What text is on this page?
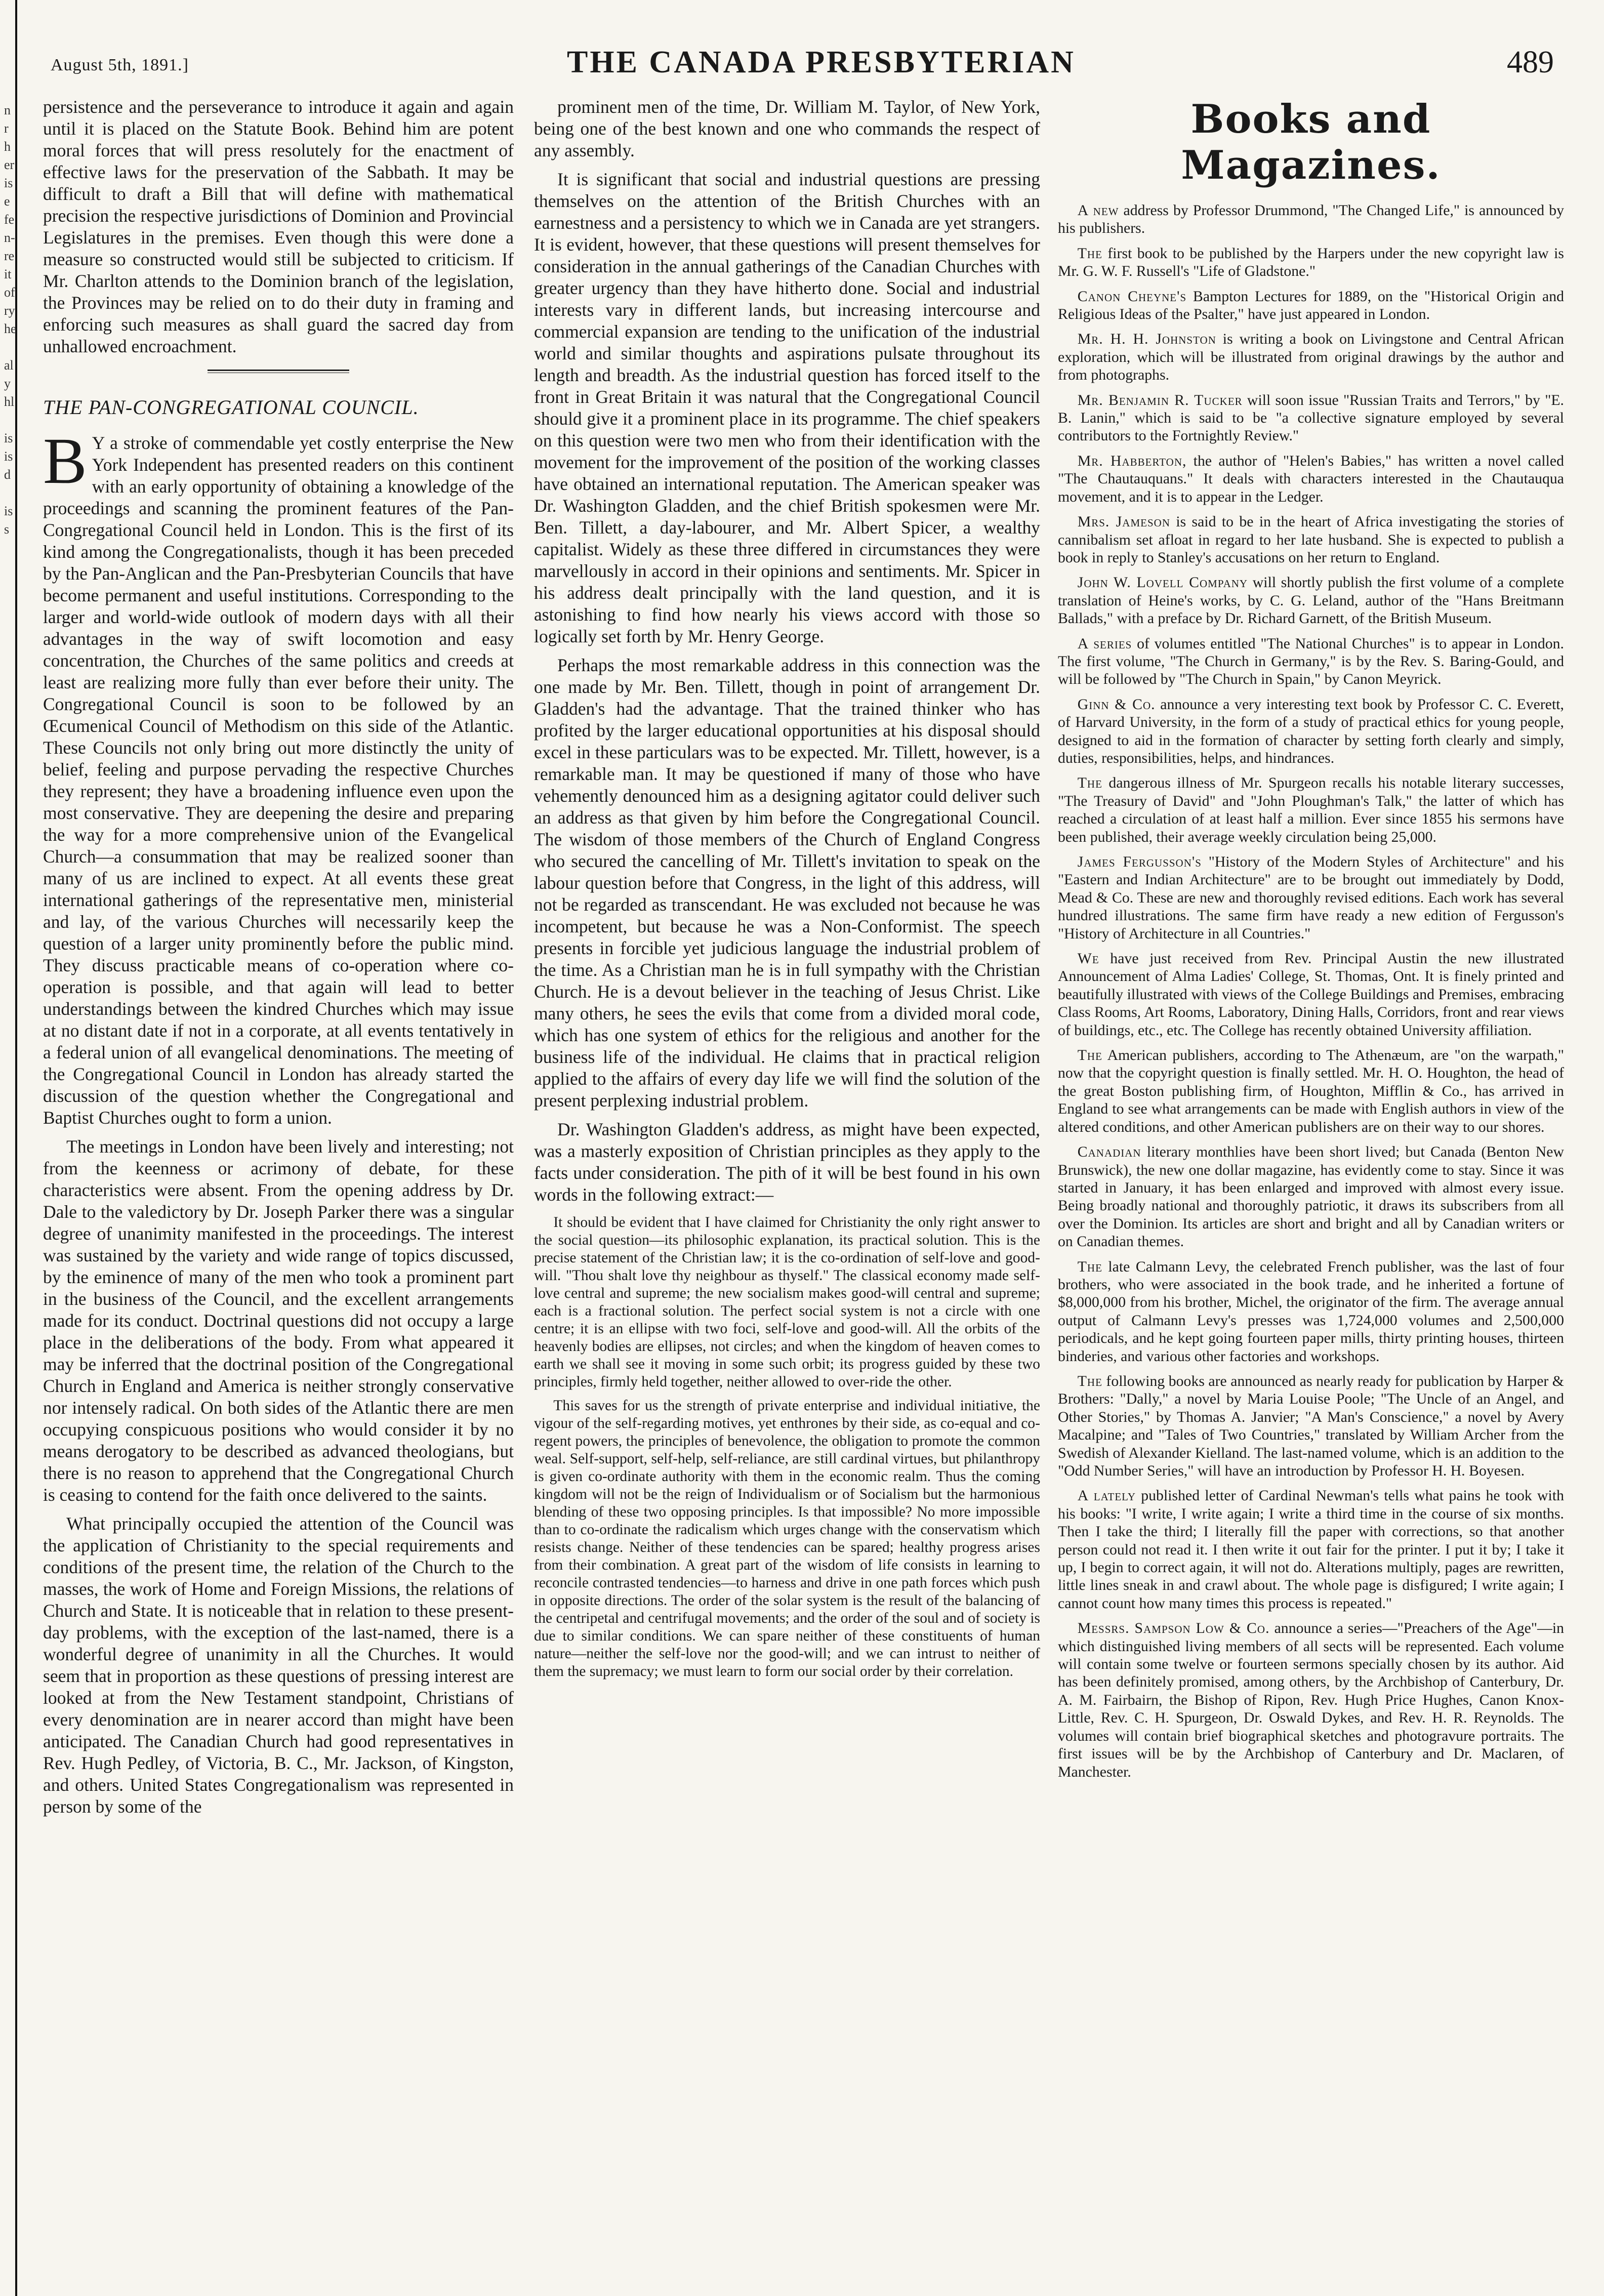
n
r
h
er
is
e
fe
n-
re
it
of
ry
he

al
y
hl

is
is
d

is
s
August 5th, 1891.]	THE CANADA PRESBYTERIAN	489

persistence and the perseverance to introduce it again and again until it is placed on the Statute Book. Behind him are potent moral forces that will press resolutely for the enactment of effective laws for the preservation of the Sabbath. It may be difficult to draft a Bill that will define with mathematical precision the respective jurisdictions of Dominion and Provincial Legislatures in the premises. Even though this were done a measure so constructed would still be subjected to criticism. If Mr. Charlton attends to the Dominion branch of the legislation, the Provinces may be relied on to do their duty in framing and enforcing such measures as shall guard the sacred day from unhallowed encroachment.

THE PAN-CONGREGATIONAL COUNCIL.

B Y a stroke of commendable yet costly enterprise the New York Independent has presented readers on this continent with an early opportunity of obtaining a knowledge of the proceedings and scanning the prominent features of the Pan-Congregational Council held in London. This is the first of its kind among the Congregationalists, though it has been preceded by the Pan-Anglican and the Pan-Presbyterian Councils that have become permanent and useful institutions. Corresponding to the larger and world-wide outlook of modern days with all their advantages in the way of swift locomotion and easy concentration, the Churches of the same politics and creeds at least are realizing more fully than ever before their unity. The Congregational Council is soon to be followed by an Œcumenical Council of Methodism on this side of the Atlantic. These Councils not only bring out more distinctly the unity of belief, feeling and purpose pervading the respective Churches they represent; they have a broadening influence even upon the most conservative. They are deepening the desire and preparing the way for a more comprehensive union of the Evangelical Church—a consummation that may be realized sooner than many of us are inclined to expect. At all events these great international gatherings of the representative men, ministerial and lay, of the various Churches will necessarily keep the question of a larger unity prominently before the public mind. They discuss practicable means of co-operation where co-operation is possible, and that again will lead to better understandings between the kindred Churches which may issue at no distant date if not in a corporate, at all events tentatively in a federal union of all evangelical denominations. The meeting of the Congregational Council in London has already started the discussion of the question whether the Congregational and Baptist Churches ought to form a union.

The meetings in London have been lively and interesting; not from the keenness or acrimony of debate, for these characteristics were absent. From the opening address by Dr. Dale to the valedictory by Dr. Joseph Parker there was a singular degree of unanimity manifested in the proceedings. The interest was sustained by the variety and wide range of topics discussed, by the eminence of many of the men who took a prominent part in the business of the Council, and the excellent arrangements made for its conduct. Doctrinal questions did not occupy a large place in the deliberations of the body. From what appeared it may be inferred that the doctrinal position of the Congregational Church in England and America is neither strongly conservative nor intensely radical. On both sides of the Atlantic there are men occupying conspicuous positions who would consider it by no means derogatory to be described as advanced theologians, but there is no reason to apprehend that the Congregational Church is ceasing to contend for the faith once delivered to the saints.

What principally occupied the attention of the Council was the application of Christianity to the special requirements and conditions of the present time, the relation of the Church to the masses, the work of Home and Foreign Missions, the relations of Church and State. It is noticeable that in relation to these present-day problems, with the exception of the last-named, there is a wonderful degree of unanimity in all the Churches. It would seem that in proportion as these questions of pressing interest are looked at from the New Testament standpoint, Christians of every denomination are in nearer accord than might have been anticipated. The Canadian Church had good representatives in Rev. Hugh Pedley, of Victoria, B. C., Mr. Jackson, of Kingston, and others. United States Congregationalism was represented in person by some of the

prominent men of the time, Dr. William M. Taylor, of New York, being one of the best known and one who commands the respect of any assembly.

It is significant that social and industrial questions are pressing themselves on the attention of the British Churches with an earnestness and a persistency to which we in Canada are yet strangers. It is evident, however, that these questions will present themselves for consideration in the annual gatherings of the Canadian Churches with greater urgency than they have hitherto done. Social and industrial interests vary in different lands, but increasing intercourse and commercial expansion are tending to the unification of the industrial world and similar thoughts and aspirations pulsate throughout its length and breadth. As the industrial question has forced itself to the front in Great Britain it was natural that the Congregational Council should give it a prominent place in its programme. The chief speakers on this question were two men who from their identification with the movement for the improvement of the position of the working classes have obtained an international reputation. The American speaker was Dr. Washington Gladden, and the chief British spokesmen were Mr. Ben. Tillett, a day-labourer, and Mr. Albert Spicer, a wealthy capitalist. Widely as these three differed in circumstances they were marvellously in accord in their opinions and sentiments. Mr. Spicer in his address dealt principally with the land question, and it is astonishing to find how nearly his views accord with those so logically set forth by Mr. Henry George.

Perhaps the most remarkable address in this connection was the one made by Mr. Ben. Tillett, though in point of arrangement Dr. Gladden's had the advantage. That the trained thinker who has profited by the larger educational opportunities at his disposal should excel in these particulars was to be expected. Mr. Tillett, however, is a remarkable man. It may be questioned if many of those who have vehemently denounced him as a designing agitator could deliver such an address as that given by him before the Congregational Council. The wisdom of those members of the Church of England Congress who secured the cancelling of Mr. Tillett's invitation to speak on the labour question before that Congress, in the light of this address, will not be regarded as transcendant. He was excluded not because he was incompetent, but because he was a Non-Conformist. The speech presents in forcible yet judicious language the industrial problem of the time. As a Christian man he is in full sympathy with the Christian Church. He is a devout believer in the teaching of Jesus Christ. Like many others, he sees the evils that come from a divided moral code, which has one system of ethics for the religious and another for the business life of the individual. He claims that in practical religion applied to the affairs of every day life we will find the solution of the present perplexing industrial problem.

Dr. Washington Gladden's address, as might have been expected, was a masterly exposition of Christian principles as they apply to the facts under consideration. The pith of it will be best found in his own words in the following extract:—

It should be evident that I have claimed for Christianity the only right answer to the social question—its philosophic explanation, its practical solution. This is the precise statement of the Christian law; it is the co-ordination of self-love and good-will. "Thou shalt love thy neighbour as thyself." The classical economy made self-love central and supreme; the new socialism makes good-will central and supreme; each is a fractional solution. The perfect social system is not a circle with one centre; it is an ellipse with two foci, self-love and good-will. All the orbits of the heavenly bodies are ellipses, not circles; and when the kingdom of heaven comes to earth we shall see it moving in some such orbit; its progress guided by these two principles, firmly held together, neither allowed to over-ride the other.

This saves for us the strength of private enterprise and individual initiative, the vigour of the self-regarding motives, yet enthrones by their side, as co-equal and co-regent powers, the principles of benevolence, the obligation to promote the common weal. Self-support, self-help, self-reliance, are still cardinal virtues, but philanthropy is given co-ordinate authority with them in the economic realm. Thus the coming kingdom will not be the reign of Individualism or of Socialism but the harmonious blending of these two opposing principles. Is that impossible? No more impossible than to co-ordinate the radicalism which urges change with the conservatism which resists change. Neither of these tendencies can be spared; healthy progress arises from their combination. A great part of the wisdom of life consists in learning to reconcile contrasted tendencies—to harness and drive in one path forces which push in opposite directions. The order of the solar system is the result of the balancing of the centripetal and centrifugal movements; and the order of the soul and of society is due to similar conditions. We can spare neither of these constituents of human nature—neither the self-love nor the good-will; and we can intrust to neither of them the supremacy; we must learn to form our social order by their correlation.

Books and Magazines.

A new address by Professor Drummond, "The Changed Life," is announced by his publishers.

The first book to be published by the Harpers under the new copyright law is Mr. G. W. F. Russell's "Life of Gladstone."

Canon Cheyne's Bampton Lectures for 1889, on the "Historical Origin and Religious Ideas of the Psalter," have just appeared in London.

Mr. H. H. Johnston is writing a book on Livingstone and Central African exploration, which will be illustrated from original drawings by the author and from photographs.

Mr. Benjamin R. Tucker will soon issue "Russian Traits and Terrors," by "E. B. Lanin," which is said to be "a collective signature employed by several contributors to the Fortnightly Review."

Mr. Habberton, the author of "Helen's Babies," has written a novel called "The Chautauquans." It deals with characters interested in the Chautauqua movement, and it is to appear in the Ledger.

Mrs. Jameson is said to be in the heart of Africa investigating the stories of cannibalism set afloat in regard to her late husband. She is expected to publish a book in reply to Stanley's accusations on her return to England.

John W. Lovell Company will shortly publish the first volume of a complete translation of Heine's works, by C. G. Leland, author of the "Hans Breitmann Ballads," with a preface by Dr. Richard Garnett, of the British Museum.

A series of volumes entitled "The National Churches" is to appear in London. The first volume, "The Church in Germany," is by the Rev. S. Baring-Gould, and will be followed by "The Church in Spain," by Canon Meyrick.

Ginn & Co. announce a very interesting text book by Professor C. C. Everett, of Harvard University, in the form of a study of practical ethics for young people, designed to aid in the formation of character by setting forth clearly and simply, duties, responsibilities, helps, and hindrances.

The dangerous illness of Mr. Spurgeon recalls his notable literary successes, "The Treasury of David" and "John Ploughman's Talk," the latter of which has reached a circulation of at least half a million. Ever since 1855 his sermons have been published, their average weekly circulation being 25,000.

James Fergusson's "History of the Modern Styles of Architecture" and his "Eastern and Indian Architecture" are to be brought out immediately by Dodd, Mead & Co. These are new and thoroughly revised editions. Each work has several hundred illustrations. The same firm have ready a new edition of Fergusson's "History of Architecture in all Countries."

We have just received from Rev. Principal Austin the new illustrated Announcement of Alma Ladies' College, St. Thomas, Ont. It is finely printed and beautifully illustrated with views of the College Buildings and Premises, embracing Class Rooms, Art Rooms, Laboratory, Dining Halls, Corridors, front and rear views of buildings, etc., etc. The College has recently obtained University affiliation.

The American publishers, according to The Athenæum, are "on the warpath," now that the copyright question is finally settled. Mr. H. O. Houghton, the head of the great Boston publishing firm, of Houghton, Mifflin & Co., has arrived in England to see what arrangements can be made with English authors in view of the altered conditions, and other American publishers are on their way to our shores.

Canadian literary monthlies have been short lived; but Canada (Benton New Brunswick), the new one dollar magazine, has evidently come to stay. Since it was started in January, it has been enlarged and improved with almost every issue. Being broadly national and thoroughly patriotic, it draws its subscribers from all over the Dominion. Its articles are short and bright and all by Canadian writers or on Canadian themes.

The late Calmann Levy, the celebrated French publisher, was the last of four brothers, who were associated in the book trade, and he inherited a fortune of $8,000,000 from his brother, Michel, the originator of the firm. The average annual output of Calmann Levy's presses was 1,724,000 volumes and 2,500,000 periodicals, and he kept going fourteen paper mills, thirty printing houses, thirteen binderies, and various other factories and workshops.

The following books are announced as nearly ready for publication by Harper & Brothers: "Dally," a novel by Maria Louise Poole; "The Uncle of an Angel, and Other Stories," by Thomas A. Janvier; "A Man's Conscience," a novel by Avery Macalpine; and "Tales of Two Countries," translated by William Archer from the Swedish of Alexander Kielland. The last-named volume, which is an addition to the "Odd Number Series," will have an introduction by Professor H. H. Boyesen.

A lately published letter of Cardinal Newman's tells what pains he took with his books: "I write, I write again; I write a third time in the course of six months. Then I take the third; I literally fill the paper with corrections, so that another person could not read it. I then write it out fair for the printer. I put it by; I take it up, I begin to correct again, it will not do. Alterations multiply, pages are rewritten, little lines sneak in and crawl about. The whole page is disfigured; I write again; I cannot count how many times this process is repeated."

Messrs. Sampson Low & Co. announce a series—"Preachers of the Age"—in which distinguished living members of all sects will be represented. Each volume will contain some twelve or fourteen sermons specially chosen by its author. Aid has been definitely promised, among others, by the Archbishop of Canterbury, Dr. A. M. Fairbairn, the Bishop of Ripon, Rev. Hugh Price Hughes, Canon Knox-Little, Rev. C. H. Spurgeon, Dr. Oswald Dykes, and Rev. H. R. Reynolds. The volumes will contain brief biographical sketches and photogravure portraits. The first issues will be by the Archbishop of Canterbury and Dr. Maclaren, of Manchester.
